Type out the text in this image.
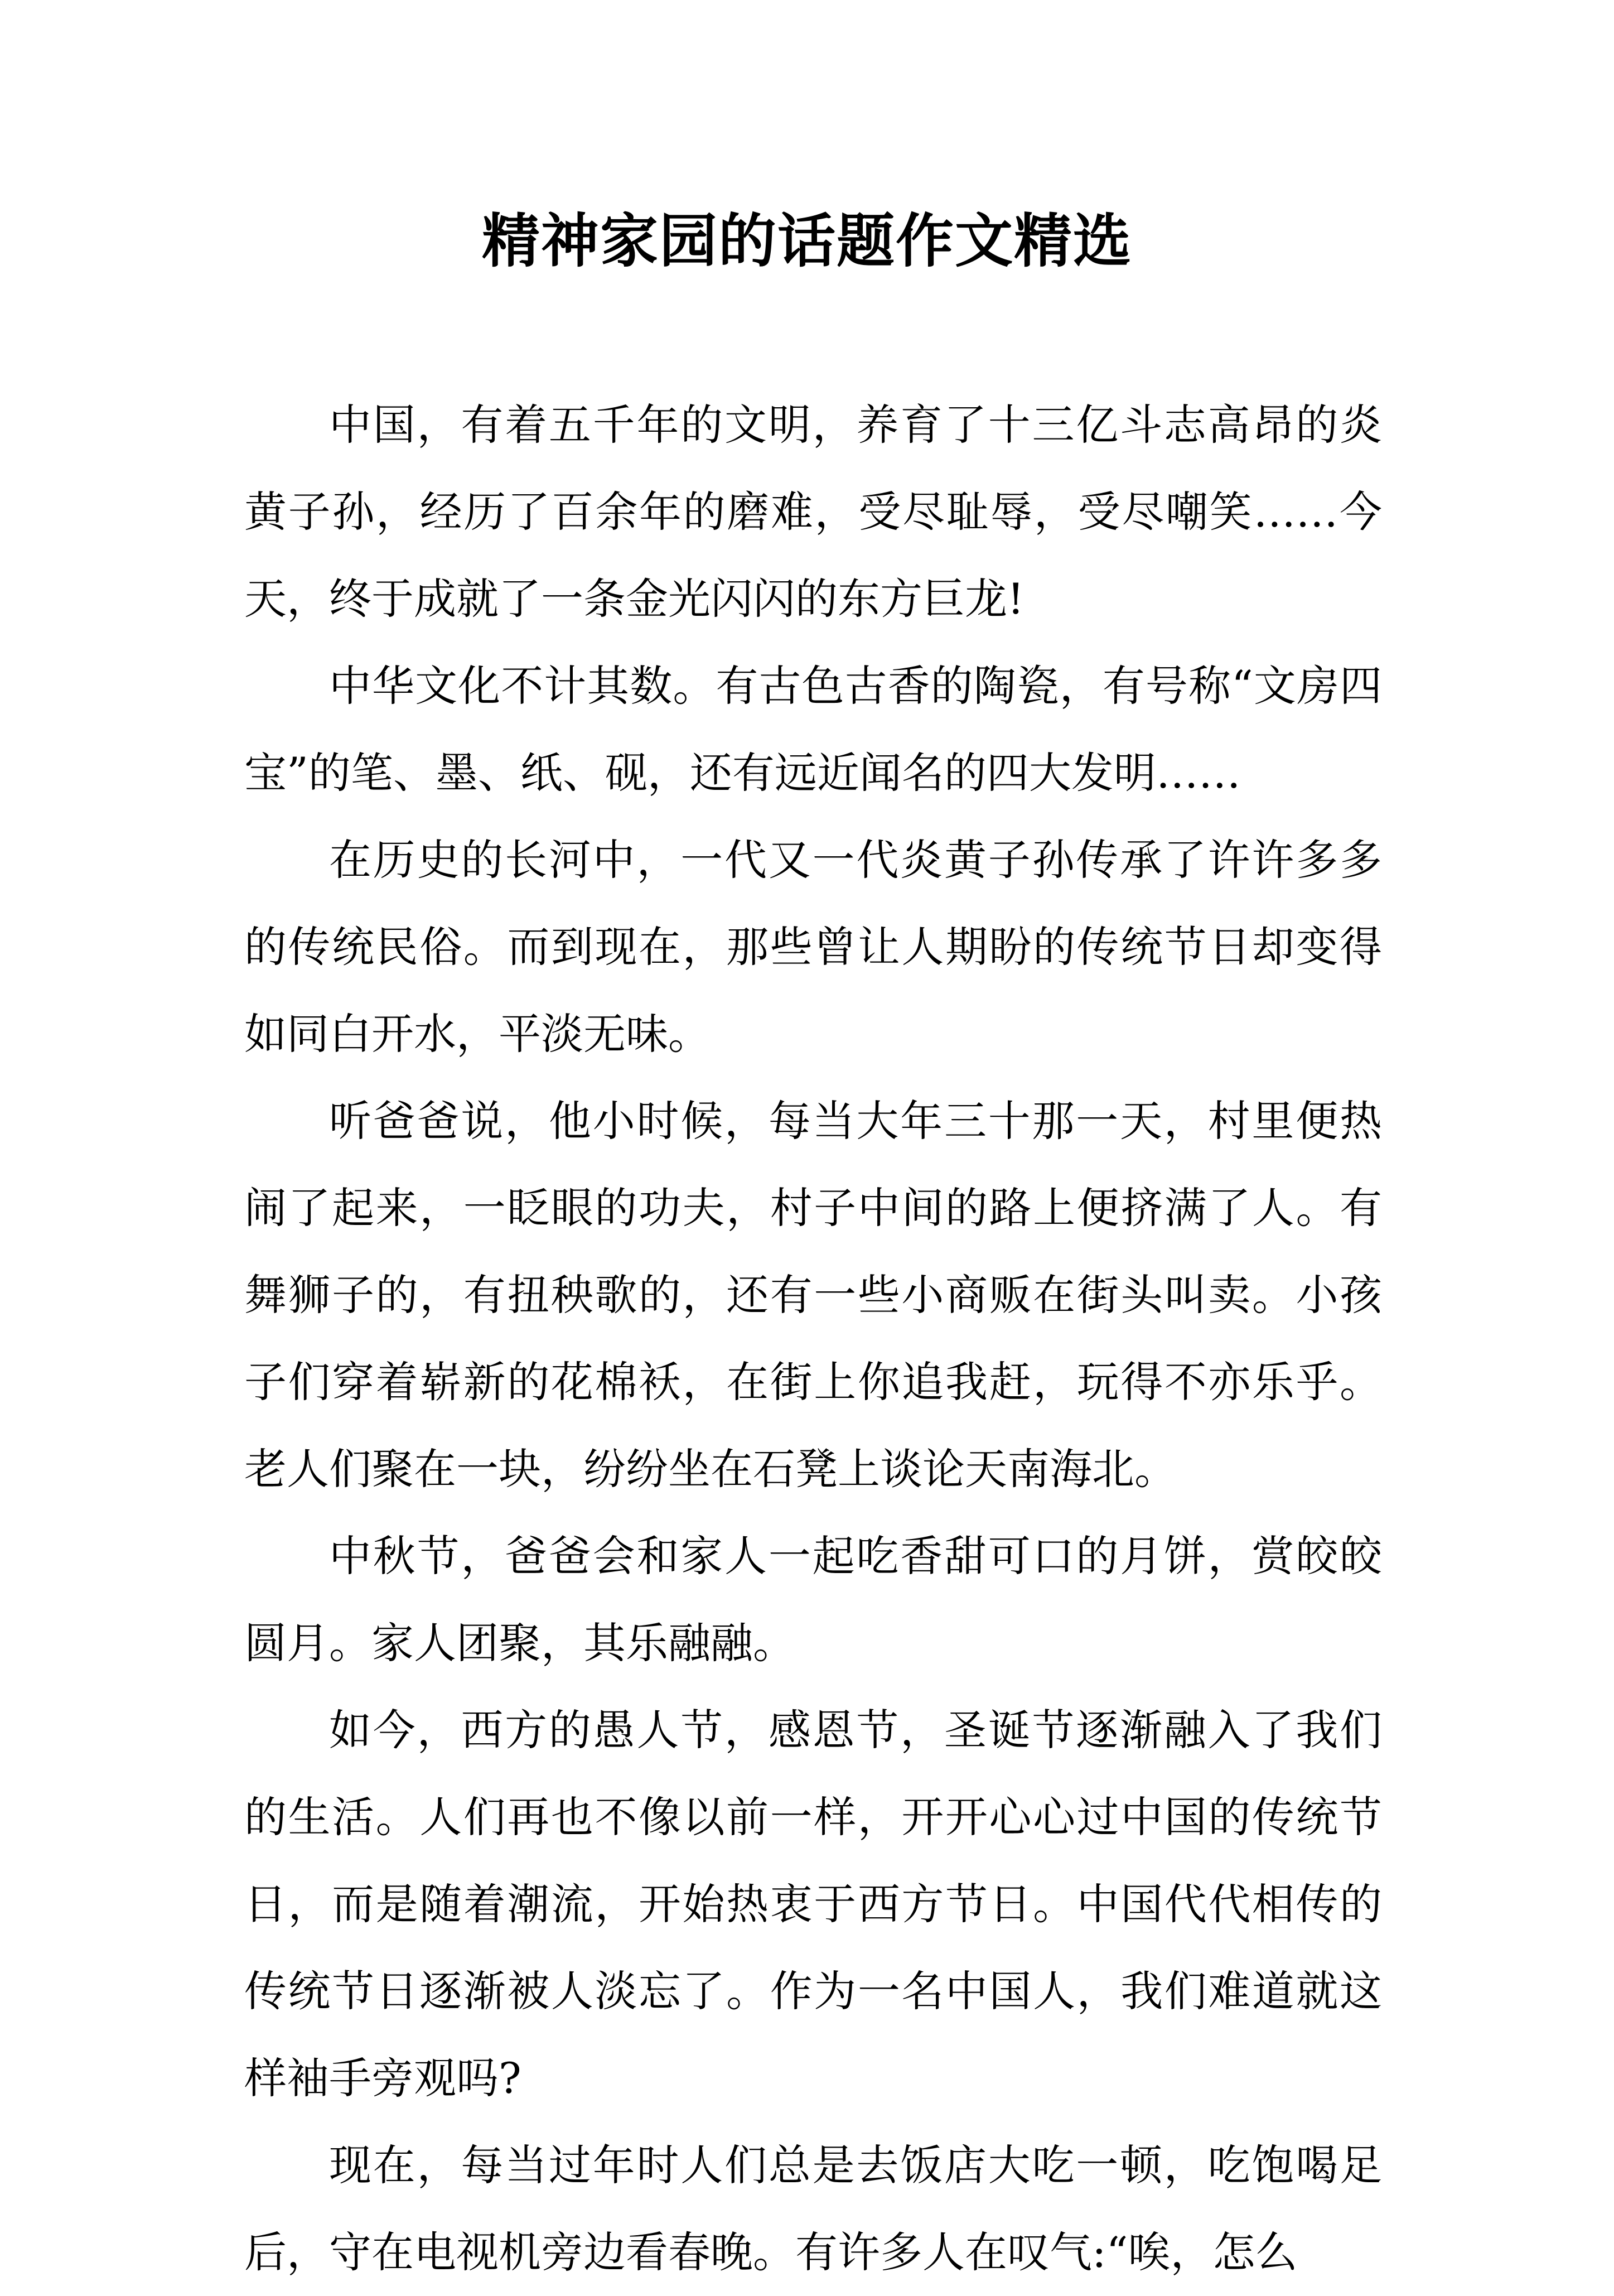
精神家园的话题作文精选

中国，有着五千年的文明，养育了十三亿斗志高昂的炎黄子孙，经历了百余年的磨难，受尽耻辱，受尽嘲笑……今天，终于成就了一条金光闪闪的东方巨龙!

中华文化不计其数。有古色古香的陶瓷，有号称“文房四宝”的笔、墨、纸、砚，还有远近闻名的四大发明……

在历史的长河中，一代又一代炎黄子孙传承了许许多多的传统民俗。而到现在，那些曾让人期盼的传统节日却变得如同白开水，平淡无味。

听爸爸说，他小时候，每当大年三十那一天，村里便热闹了起来，一眨眼的功夫，村子中间的路上便挤满了人。有舞狮子的，有扭秧歌的，还有一些小商贩在街头叫卖。小孩子们穿着崭新的花棉袄，在街上你追我赶，玩得不亦乐乎。老人们聚在一块，纷纷坐在石凳上谈论天南海北。

中秋节，爸爸会和家人一起吃香甜可口的月饼，赏皎皎圆月。家人团聚，其乐融融。

如今，西方的愚人节，感恩节，圣诞节逐渐融入了我们的生活。人们再也不像以前一样，开开心心过中国的传统节日，而是随着潮流，开始热衷于西方节日。中国代代相传的传统节日逐渐被人淡忘了。作为一名中国人，我们难道就这样袖手旁观吗?

现在，每当过年时人们总是去饭店大吃一顿，吃饱喝足后，守在电视机旁边看春晚。有许多人在叹气:“唉，怎么
